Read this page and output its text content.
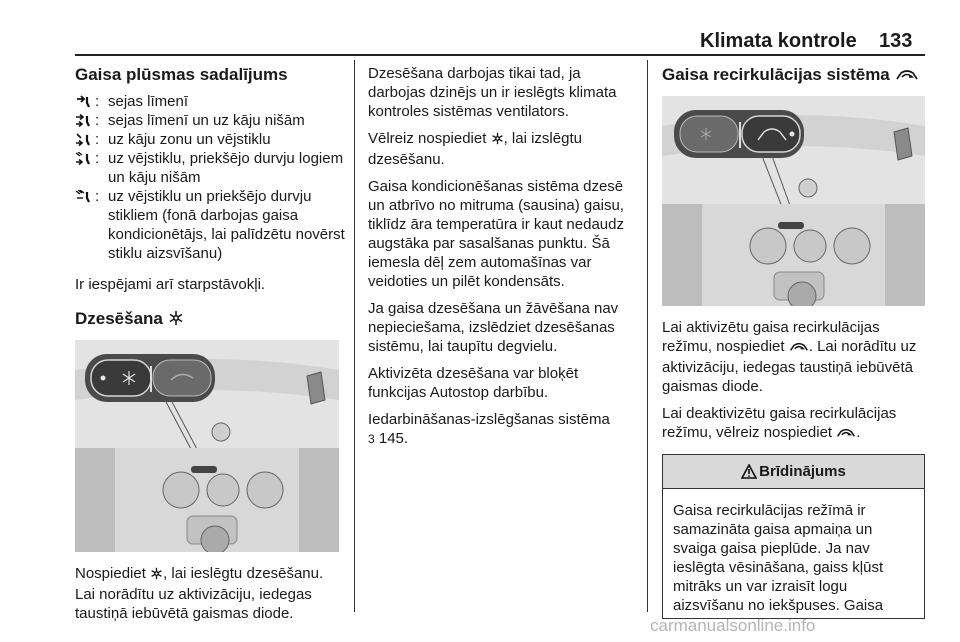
Klimata kontrole 133
Gaisa plūsmas sadalījums
: sejas līmenī
: sejas līmenī un uz kāju nišām
: uz kāju zonu un vējstiklu
: uz vējstiklu, priekšējo durvju logiem un kāju nišām
: uz vējstiklu un priekšējo durvju stikliem (fonā darbojas gaisa kondicionētājs, lai palīdzētu novērst stiklu aizsvīšanu)

Ir iespējami arī starpstāvokļi.

Dzesēšana

Nospiediet , lai ieslēgtu dzesēšanu. Lai norādītu uz aktivizāciju, iedegas taustiņā iebūvētā gaismas diode.

Dzesēšana darbojas tikai tad, ja darbojas dzinējs un ir ieslēgts klimata kontroles sistēmas ventilators.

Vēlreiz nospiediet , lai izslēgtu dzesēšanu.

Gaisa kondicionēšanas sistēma dzesē un atbrīvo no mitruma (sausina) gaisu, tiklīdz āra temperatūra ir kaut nedaudz augstāka par sasalšanas punktu. Šā iemesla dēļ zem automašīnas var veidoties un pilēt kondensāts.

Ja gaisa dzesēšana un žāvēšana nav nepieciešama, izslēdziet dzesēšanas sistēmu, lai taupītu degvielu.

Aktivizēta dzesēšana var bloķēt funkcijas Autostop darbību.

Iedarbināšanas-izslēgšanas sistēma
3 145.

Gaisa recirkulācijas sistēma

Lai aktivizētu gaisa recirkulācijas režīmu, nospiediet . Lai norādītu uz aktivizāciju, iedegas taustiņā iebūvētā gaismas diode.

Lai deaktivizētu gaisa recirkulācijas režīmu, vēlreiz nospiediet .

Brīdinājums
Gaisa recirkulācijas režīmā ir samazināta gaisa apmaiņa un svaiga gaisa pieplūde. Ja nav ieslēgta vēsināšana, gaiss kļūst mitrāks un var izraisīt logu aizsvīšanu no iekšpuses. Gaisa
carmanualsonline.info
